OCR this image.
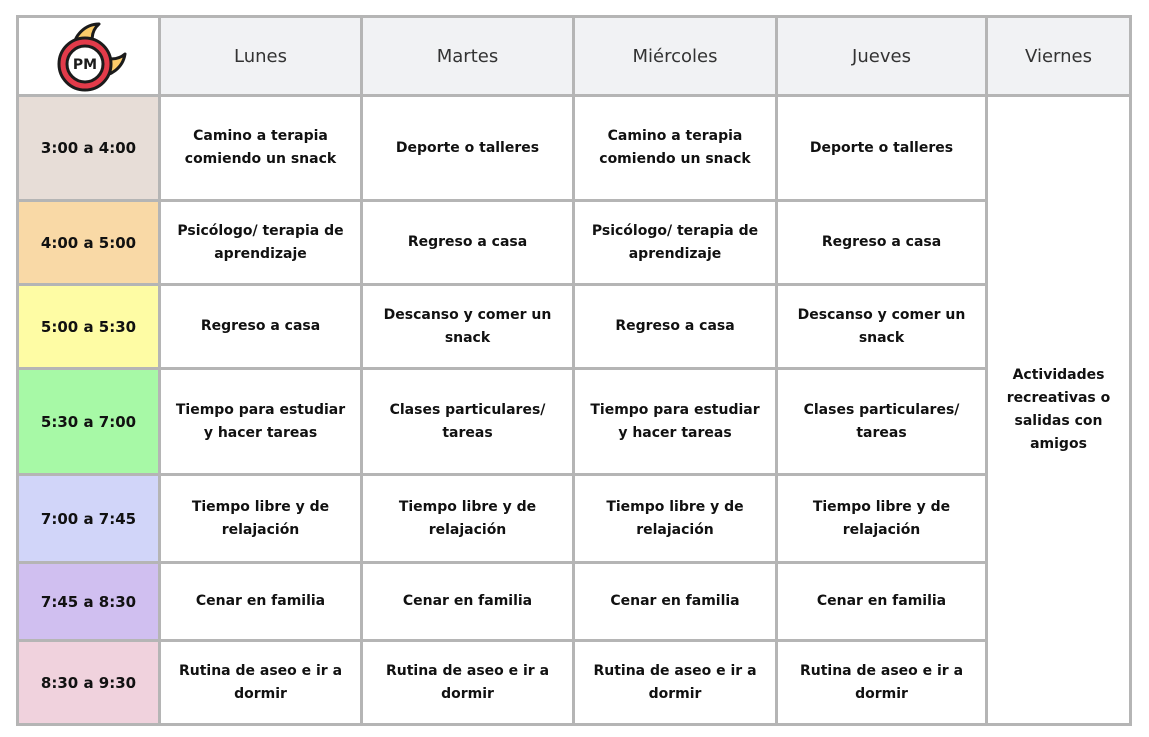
PM	Lunes	Martes	Miércoles	Jueves	Viernes
3:00 a 4:00	Camino a terapia comiendo un snack	Deporte o talleres	Camino a terapia comiendo un snack	Deporte o talleres	Actividades recreativas o salidas con amigos
4:00 a 5:00	Psicólogo/ terapia de aprendizaje	Regreso a casa	Psicólogo/ terapia de aprendizaje	Regreso a casa	
5:00 a 5:30	Regreso a casa	Descanso y comer un snack	Regreso a casa	Descanso y comer un snack	
5:30 a 7:00	Tiempo para estudiar y hacer tareas	Clases particulares/ tareas	Tiempo para estudiar y hacer tareas	Clases particulares/ tareas	
7:00 a 7:45	Tiempo libre y de relajación	Tiempo libre y de relajación	Tiempo libre y de relajación	Tiempo libre y de relajación	
7:45 a 8:30	Cenar en familia	Cenar en familia	Cenar en familia	Cenar en familia	
8:30 a 9:30	Rutina de aseo e ir a dormir	Rutina de aseo e ir a dormir	Rutina de aseo e ir a dormir	Rutina de aseo e ir a dormir	
